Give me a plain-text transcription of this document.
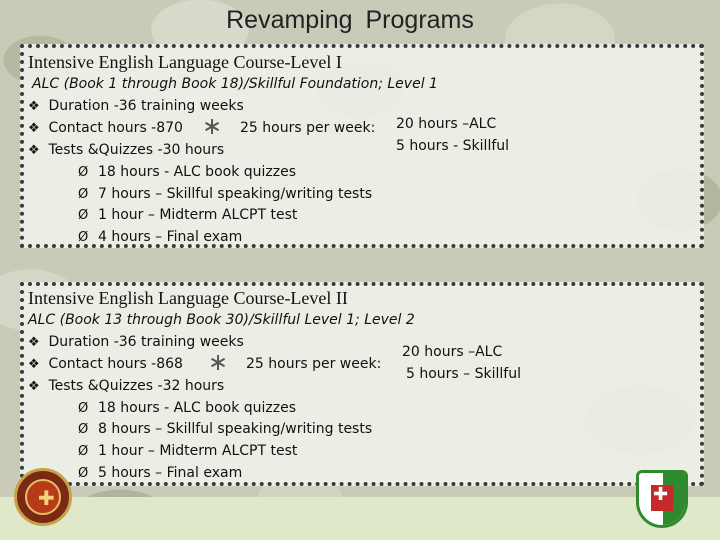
Revamping Programs
Intensive English Language Course-Level I
ALC (Book 1 through Book 18)/Skillful Foundation; Level 1
❖ Duration -36 training weeks
❖ Contact hours -870 ∗ 25 hours per week: 20 hours –ALC
5 hours - Skillful
❖ Tests &Quizzes -30 hours
Ø 18 hours - ALC book quizzes
Ø 7 hours – Skillful speaking/writing tests
Ø 1 hour – Midterm ALCPT test
Ø 4 hours – Final exam
Intensive English Language Course-Level II
ALC (Book 13 through Book 30)/Skillful Level 1; Level 2
❖ Duration -36 training weeks
❖ Contact hours -868 ∗ 25 hours per week:
20 hours –ALC
5 hours – Skillful
❖ Tests &Quizzes -32 hours
Ø 18 hours - ALC book quizzes
Ø 8 hours – Skillful speaking/writing tests
Ø 1 hour – Midterm ALCPT test
Ø 5 hours – Final exam
✚	✚
